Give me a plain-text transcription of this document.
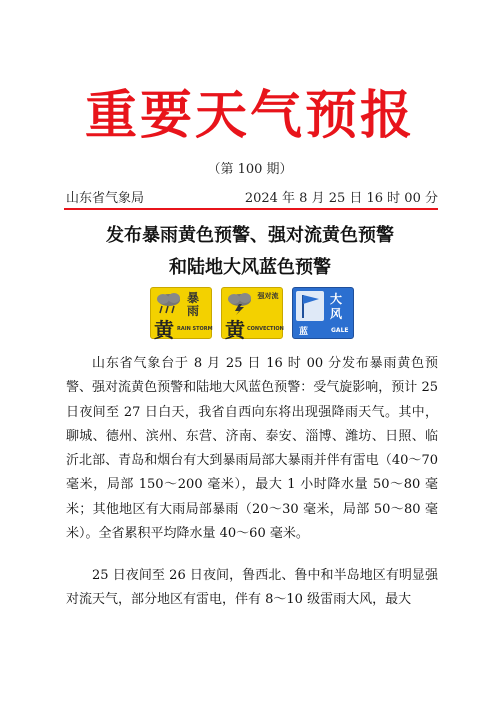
重要天气预报
（第 100 期）
山东省气象局	2024 年 8 月 25 日 16 时 00 分
发布暴雨黄色预警、强对流黄色预警
和陆地大风蓝色预警
暴
雨
黄 RAIN STORM
强对流
黄 CONVECTION
大
风
蓝	GALE

山东省气象台于 8 月 25 日 16 时 00 分发布暴雨黄色预警、强对流黄色预警和陆地大风蓝色预警：受气旋影响，预计 25 日夜间至 27 日白天，我省自西向东将出现强降雨天气。其中，聊城、德州、滨州、东营、济南、泰安、淄博、潍坊、日照、临沂北部、青岛和烟台有大到暴雨局部大暴雨并伴有雷电（40～70 毫米，局部 150～200 毫米），最大 1 小时降水量 50～80 毫米；其他地区有大雨局部暴雨（20～30 毫米，局部 50～80 毫米）。全省累积平均降水量 40～60 毫米。

25 日夜间至 26 日夜间，鲁西北、鲁中和半岛地区有明显强对流天气，部分地区有雷电，伴有 8～10 级雷雨大风，最大
